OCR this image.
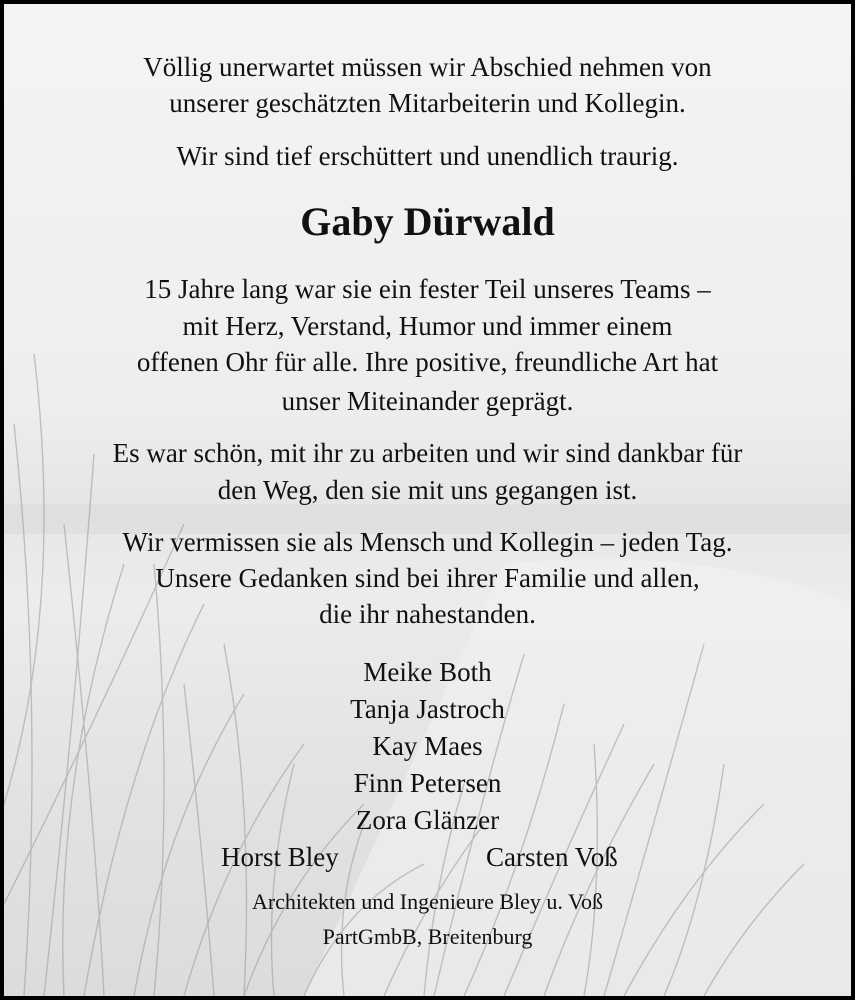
Völlig unerwartet müssen wir Abschied nehmen von
unserer geschätzten Mitarbeiterin und Kollegin.
Wir sind tief erschüttert und unendlich traurig.
Gaby Dürwald
15 Jahre lang war sie ein fester Teil unseres Teams –
mit Herz, Verstand, Humor und immer einem
offenen Ohr für alle. Ihre positive, freundliche Art hat
unser Miteinander geprägt.
Es war schön, mit ihr zu arbeiten und wir sind dankbar für
den Weg, den sie mit uns gegangen ist.
Wir vermissen sie als Mensch und Kollegin – jeden Tag.
Unsere Gedanken sind bei ihrer Familie und allen,
die ihr nahestanden.
Meike Both
Tanja Jastroch
Kay Maes
Finn Petersen
Zora Glänzer
Horst Bley	Carsten Voß
Architekten und Ingenieure Bley u. Voß
PartGmbB, Breitenburg
